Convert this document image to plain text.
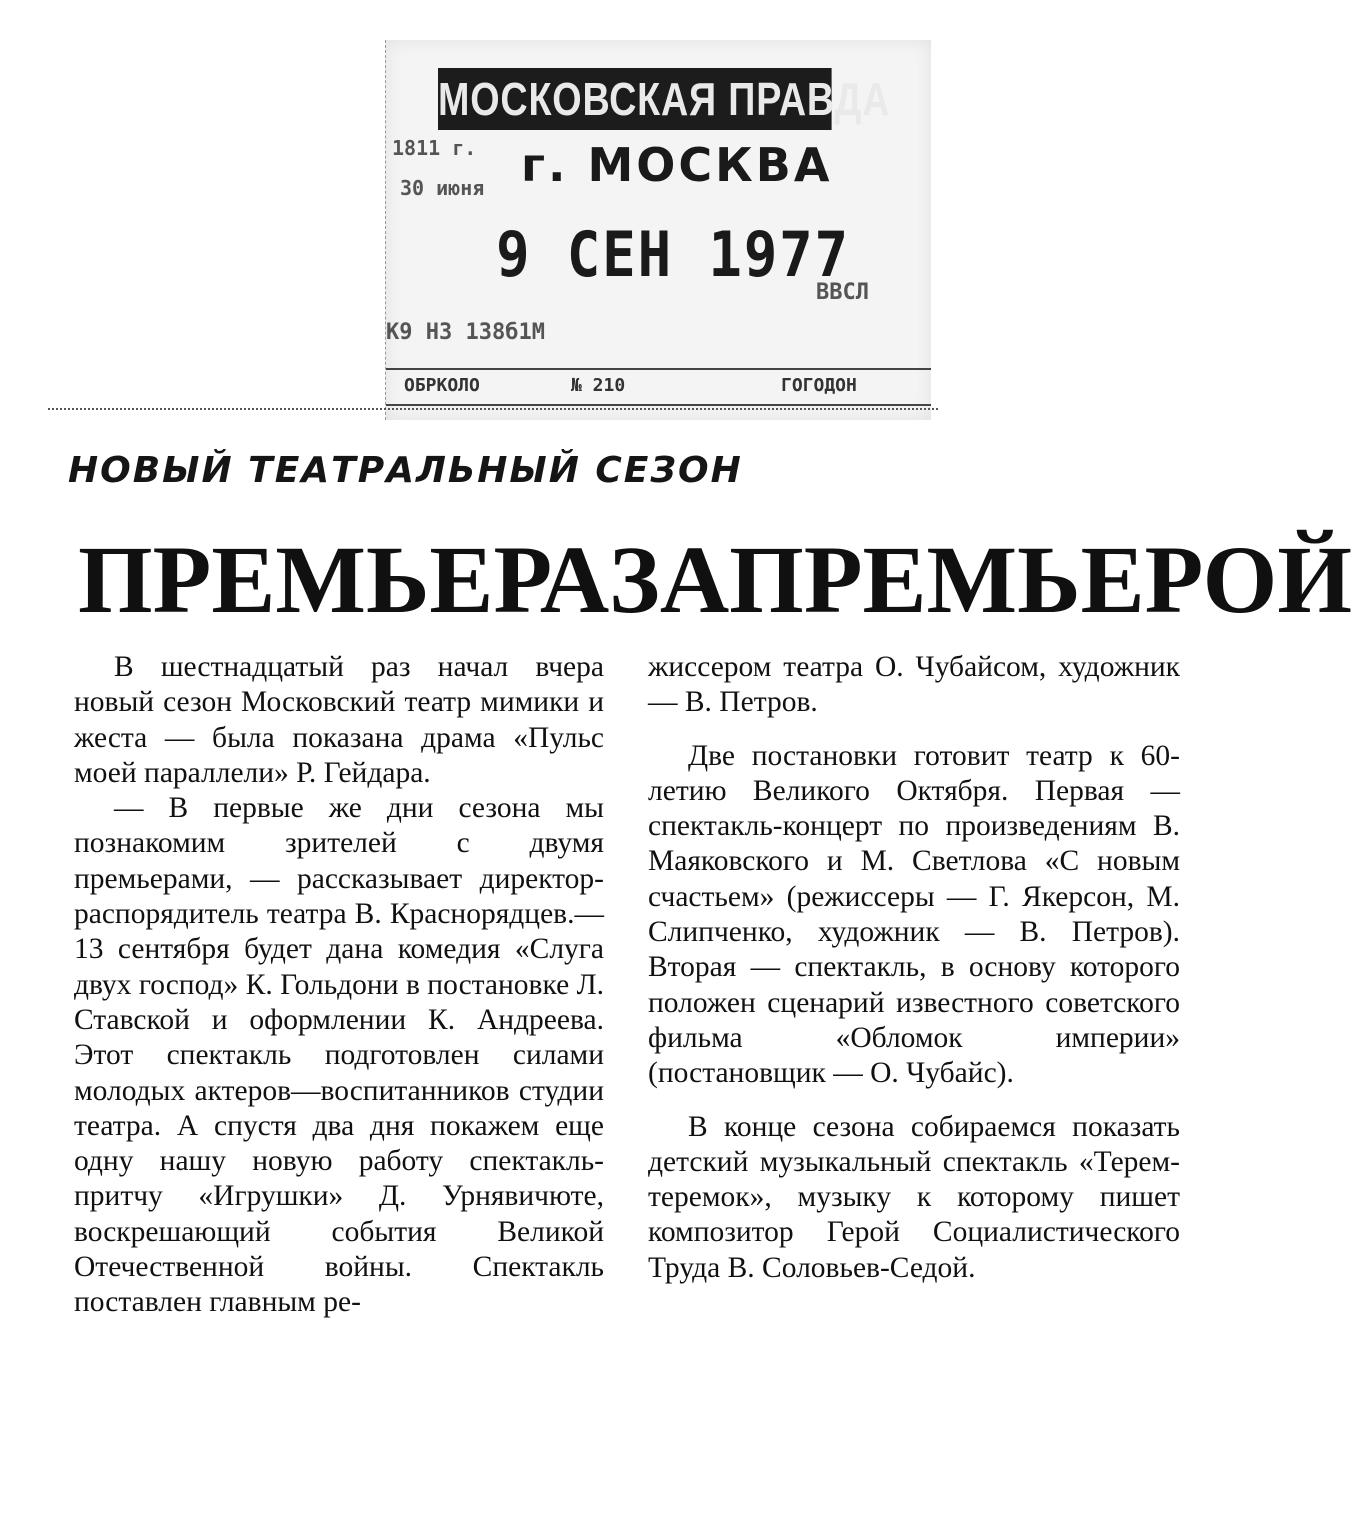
МОСКОВСКАЯ ПРАВДА
1811 г.
30 июня г. МОСКВА
9 СЕН 1977
ВВСЛ
К9 НЗ 138б1М
ОБРКОЛО	№ 210	ГОГОДОН
НОВЫЙ ТЕАТРАЛЬНЫЙ СЕЗОН
ПРЕМЬЕРА ЗА ПРЕМЬЕРОЙ

В шестнадцатый раз начал вчера новый сезон Московский театр мимики и жеста — была показана драма «Пульс моей параллели» Р. Гейдара.

— В первые же дни сезона мы познакомим зрителей с двумя премьерами, — рассказывает директор-распорядитель театра В. Краснорядцев.— 13 сентября будет дана комедия «Слуга двух господ» К. Гольдони в постановке Л. Ставской и оформлении К. Андреева. Этот спектакль подготовлен силами молодых актеров—воспитанников студии театра. А спустя два дня покажем еще одну нашу новую работу спектакль-притчу «Игрушки» Д. Урнявичюте, воскрешающий события Великой Отечественной войны. Спектакль поставлен главным ре-

жиссером театра О. Чубайсом, художник — В. Петров.

Две постановки готовит театр к 60-летию Великого Октября. Первая — спектакль-концерт по произведениям В. Маяковского и М. Светлова «С новым счастьем» (режиссеры — Г. Якерсон, М. Слипченко, художник — В. Петров). Вторая — спектакль, в основу которого положен сценарий известного советского фильма «Обломок империи» (постановщик — О. Чубайс).

В конце сезона собираемся показать детский музыкальный спектакль «Терем-теремок», музыку к которому пишет композитор Герой Социалистического Труда В. Соловьев-Седой.
